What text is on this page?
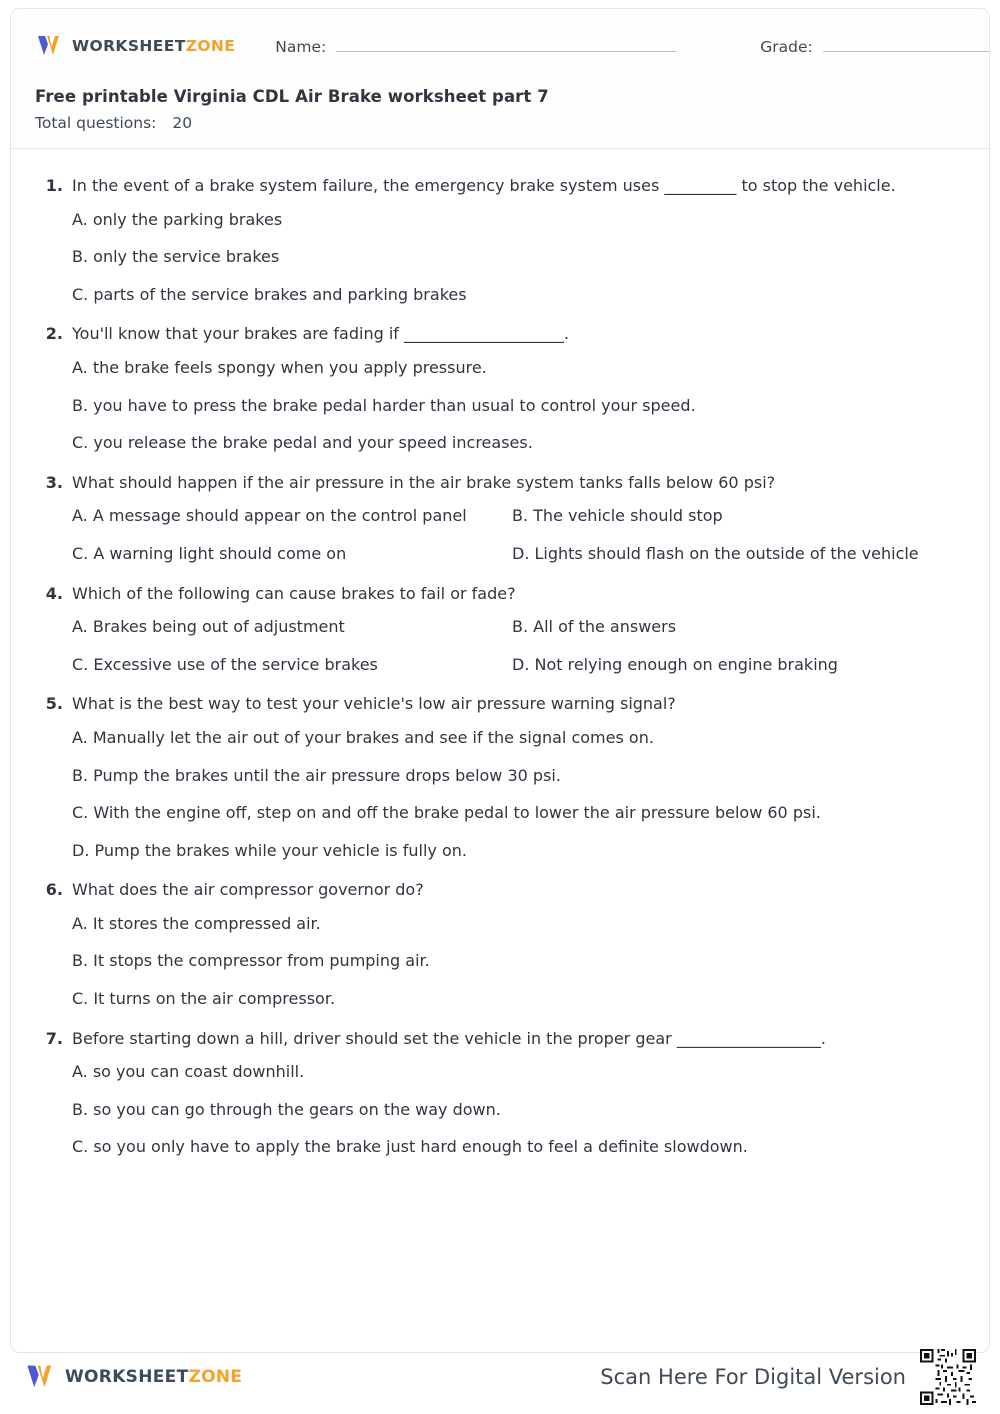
WORKSHEETZONE	Name:	Grade:
Free printable Virginia CDL Air Brake worksheet part 7
Total questions: 20
1. In the event of a brake system failure, the emergency brake system uses _________ to stop the vehicle.
A. only the parking brakes
B. only the service brakes
C. parts of the service brakes and parking brakes
2. You'll know that your brakes are fading if ____________________.
A. the brake feels spongy when you apply pressure.
B. you have to press the brake pedal harder than usual to control your speed.
C. you release the brake pedal and your speed increases.
3. What should happen if the air pressure in the air brake system tanks falls below 60 psi?
A. A message should appear on the control panel	B. The vehicle should stop
C. A warning light should come on	D. Lights should flash on the outside of the vehicle
4. Which of the following can cause brakes to fail or fade?
A. Brakes being out of adjustment	B. All of the answers
C. Excessive use of the service brakes	D. Not relying enough on engine braking
5. What is the best way to test your vehicle's low air pressure warning signal?
A. Manually let the air out of your brakes and see if the signal comes on.
B. Pump the brakes until the air pressure drops below 30 psi.
C. With the engine off, step on and off the brake pedal to lower the air pressure below 60 psi.
D. Pump the brakes while your vehicle is fully on.
6. What does the air compressor governor do?
A. It stores the compressed air.
B. It stops the compressor from pumping air.
C. It turns on the air compressor.
7. Before starting down a hill, driver should set the vehicle in the proper gear __________________.
A. so you can coast downhill.
B. so you can go through the gears on the way down.
C. so you only have to apply the brake just hard enough to feel a definite slowdown.
WORKSHEETZONE	Scan Here For Digital Version
